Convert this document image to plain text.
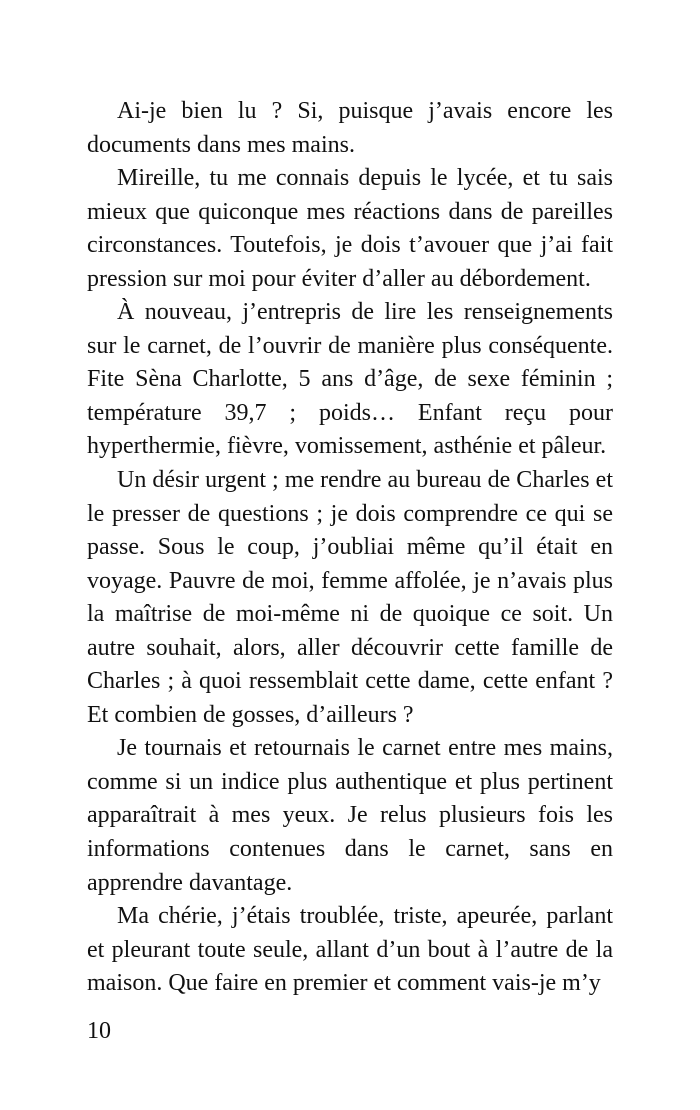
Ai-je bien lu ? Si, puisque j’avais encore les documents dans mes mains.

Mireille, tu me connais depuis le lycée, et tu sais mieux que quiconque mes réactions dans de pareilles circonstances. Toutefois, je dois t’avouer que j’ai fait pression sur moi pour éviter d’aller au débordement.

À nouveau, j’entrepris de lire les renseignements sur le carnet, de l’ouvrir de manière plus conséquente. Fite Sèna Charlotte, 5 ans d’âge, de sexe féminin ; température 39,7 ; poids… Enfant reçu pour hyperthermie, fièvre, vomissement, asthénie et pâleur.

Un désir urgent ; me rendre au bureau de Charles et le presser de questions ; je dois comprendre ce qui se passe. Sous le coup, j’oubliai même qu’il était en voyage. Pauvre de moi, femme affolée, je n’avais plus la maîtrise de moi-même ni de quoique ce soit. Un autre souhait, alors, aller découvrir cette famille de Charles ; à quoi ressemblait cette dame, cette enfant ? Et combien de gosses, d’ailleurs ?

Je tournais et retournais le carnet entre mes mains, comme si un indice plus authentique et plus pertinent apparaîtrait à mes yeux. Je relus plusieurs fois les informations contenues dans le carnet, sans en apprendre davantage.

Ma chérie, j’étais troublée, triste, apeurée, parlant et pleurant toute seule, allant d’un bout à l’autre de la maison. Que faire en premier et comment vais-je m’y

10
